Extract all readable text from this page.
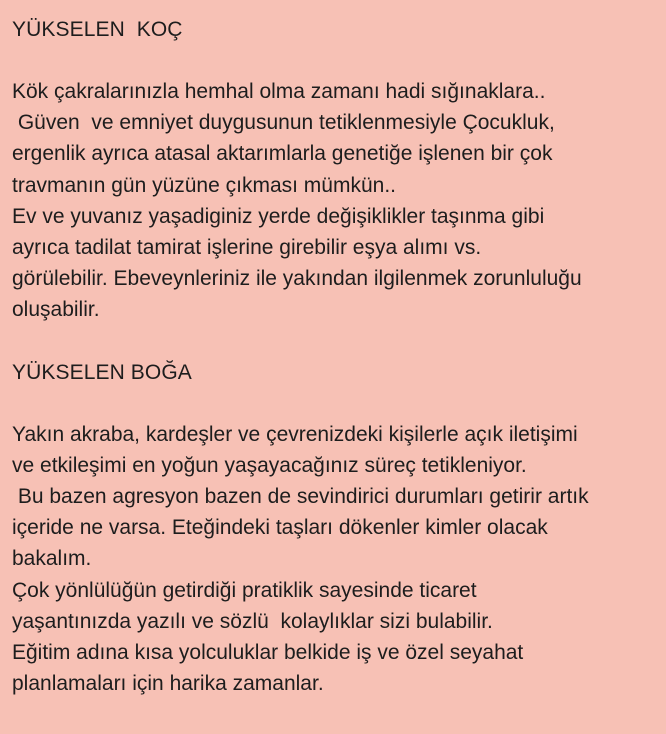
YÜKSELEN  KOÇ
Kök çakralarınızla hemhal olma zamanı hadi sığınaklara..
Güven  ve emniyet duygusunun tetiklenmesiyle Çocukluk,
ergenlik ayrıca atasal aktarımlarla genetiğe işlenen bir çok
travmanın gün yüzüne çıkması mümkün..
Ev ve yuvanız yaşadiginiz yerde değişiklikler taşınma gibi
ayrıca tadilat tamirat işlerine girebilir eşya alımı vs.
görülebilir. Ebeveynleriniz ile yakından ilgilenmek zorunluluğu
oluşabilir.
YÜKSELEN BOĞA
Yakın akraba, kardeşler ve çevrenizdeki kişilerle açık iletişimi
ve etkileşimi en yoğun yaşayacağınız süreç tetikleniyor.
Bu bazen agresyon bazen de sevindirici durumları getirir artık
içeride ne varsa. Eteğindeki taşları dökenler kimler olacak
bakalım.
Çok yönlülüğün getirdiği pratiklik sayesinde ticaret
yaşantınızda yazılı ve sözlü  kolaylıklar sizi bulabilir.
Eğitim adına kısa yolculuklar belkide iş ve özel seyahat
planlamaları için harika zamanlar.
